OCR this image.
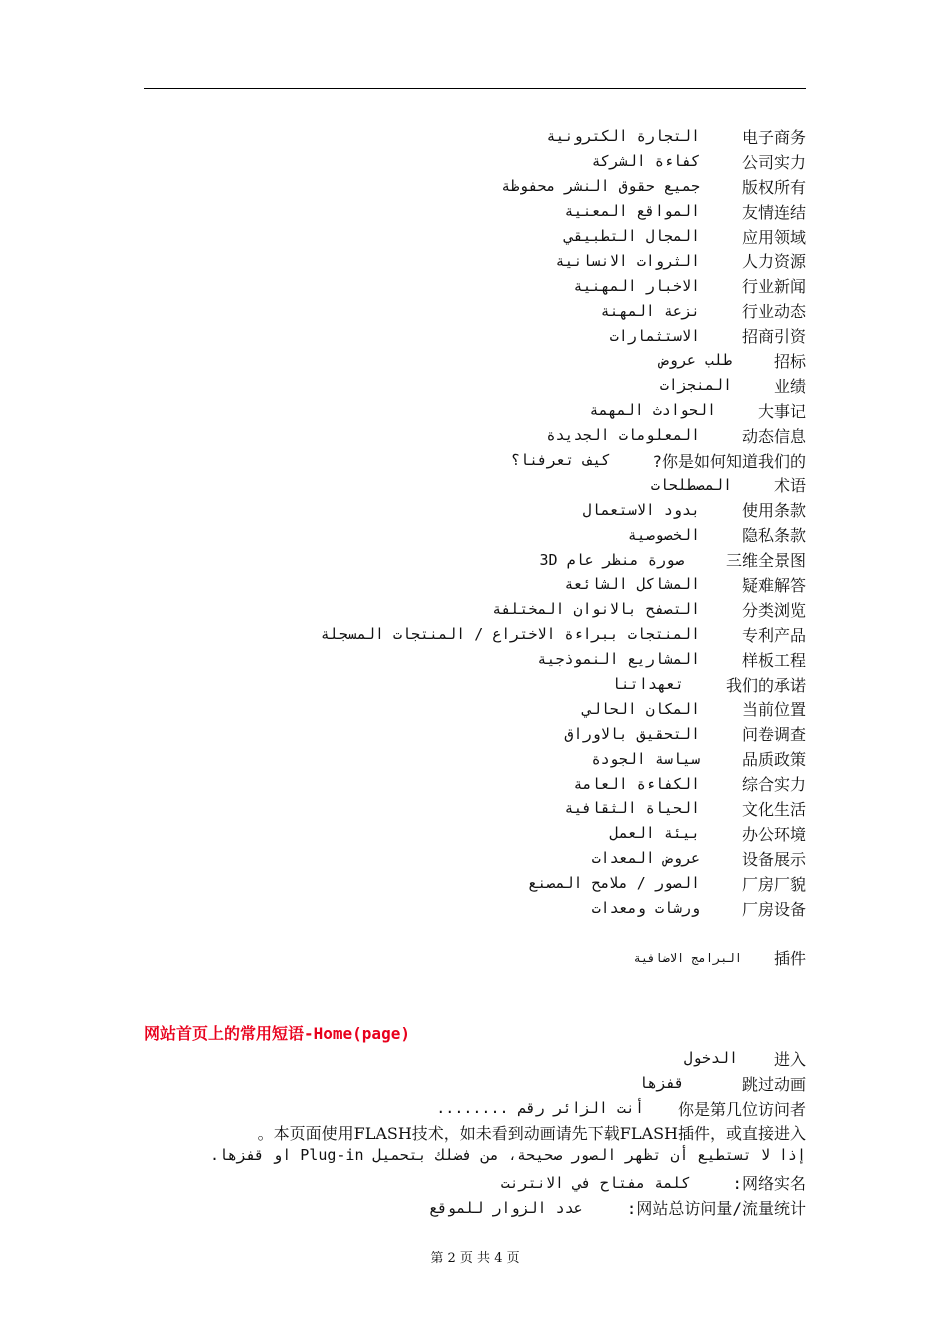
التجارة الكترونية	电子商务
كفاءة الشركة	公司实力
جميع حقوق النشر محفوظة	版权所有
المواقع المعنية	友情连结
المجال التطبيقي	应用领域
الثروات الانسانية	人力资源
الاخبار المهنية	行业新闻
نزعة المهنة	行业动态
الاستثمارات	招商引资
طلب عروض	招标
المنجزات	业绩
الحوادث المهمة	大事记
المعلومات الجديدة	动态信息
كيف تعرفنا؟	?你是如何知道我们的
المصطلحات	术语
بدود الاستعمال	使用条款
الخصوصية	隐私条款
صورة منظر عام 3D	三维全景图
المشاكل الشائعة	疑难解答
التصفح بالانوان المختلفة	分类浏览
المنتجات ببراءة الاختراع / المنتجات المسجلة	专利产品
المشاريع النموذجية	样板工程
تعهداتنا	我们的承诺
المكان الحالي	当前位置
التحقيق بالاوراق	问卷调查
سياسة الجودة	品质政策
الكفاءة العامة	综合实力
الحياة الثقافية	文化生活
بيئة العمل	办公环境
عروض المعدات	设备展示
الصور / ملامح المصنع	厂房厂貌
ورشات ومعدات	厂房设备
البرامج الاضافية 插件
网站首页上的常用短语-Home(page)
الدخول 进入
قفزها	跳过动画
أنت الزائر رقم ........ 你是第几位访问者
。本页面使用FLASH技术，如未看到动画请先下载FLASH插件，或直接进入
إذا لا تستطيع أن تظهر الصور صحيحة، من فضلك بتحميل Plug-in او قفزها.
كلمة مفتاح في الانترنت	:网络实名
عدد الزوار للموقع	:网站总访问量/流量统计
第 2 页 共 4 页
